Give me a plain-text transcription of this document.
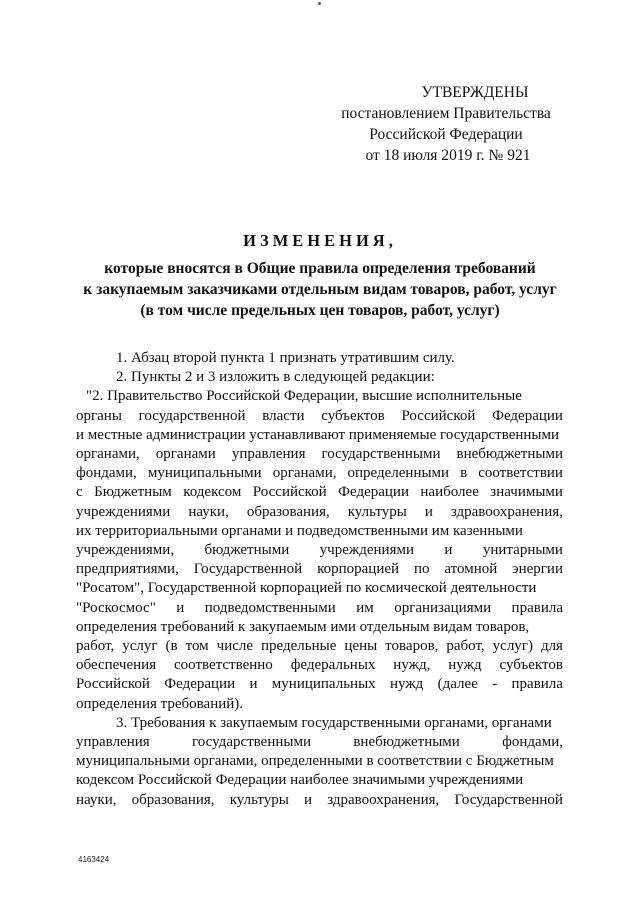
УТВЕРЖДЕНЫ
постановлением Правительства
Российской Федерации
от 18 июля 2019 г. № 921
ИЗМЕНЕНИЯ,
которые вносятся в Общие правила определения требований
к закупаемым заказчиками отдельным видам товаров, работ, услуг
(в том числе предельных цен товаров, работ, услуг)
1. Абзац второй пункта 1 признать утратившим силу.
2. Пункты 2 и 3 изложить в следующей редакции:
"2. Правительство Российской Федерации, высшие исполнительные
органы государственной власти субъектов Российской Федерации
и местные администрации устанавливают применяемые государственными
органами, органами управления государственными внебюджетными
фондами, муниципальными органами, определенными в соответствии
с Бюджетным кодексом Российской Федерации наиболее значимыми
учреждениями науки, образования, культуры и здравоохранения,
их территориальными органами и подведомственными им казенными
учреждениями, бюджетными учреждениями и унитарными
предприятиями, Государственной корпорацией по атомной энергии
"Росатом", Государственной корпорацией по космической деятельности
"Роскосмос" и подведомственными им организациями правила
определения требований к закупаемым ими отдельным видам товаров,
работ, услуг (в том числе предельные цены товаров, работ, услуг) для
обеспечения соответственно федеральных нужд, нужд субъектов
Российской Федерации и муниципальных нужд (далее - правила
определения требований).
3. Требования к закупаемым государственными органами, органами
управления	государственными	внебюджетными	фондами,
муниципальными органами, определенными в соответствии с Бюджетным
кодексом Российской Федерации наиболее значимыми учреждениями
науки, образования, культуры и здравоохранения, Государственной
4163424
